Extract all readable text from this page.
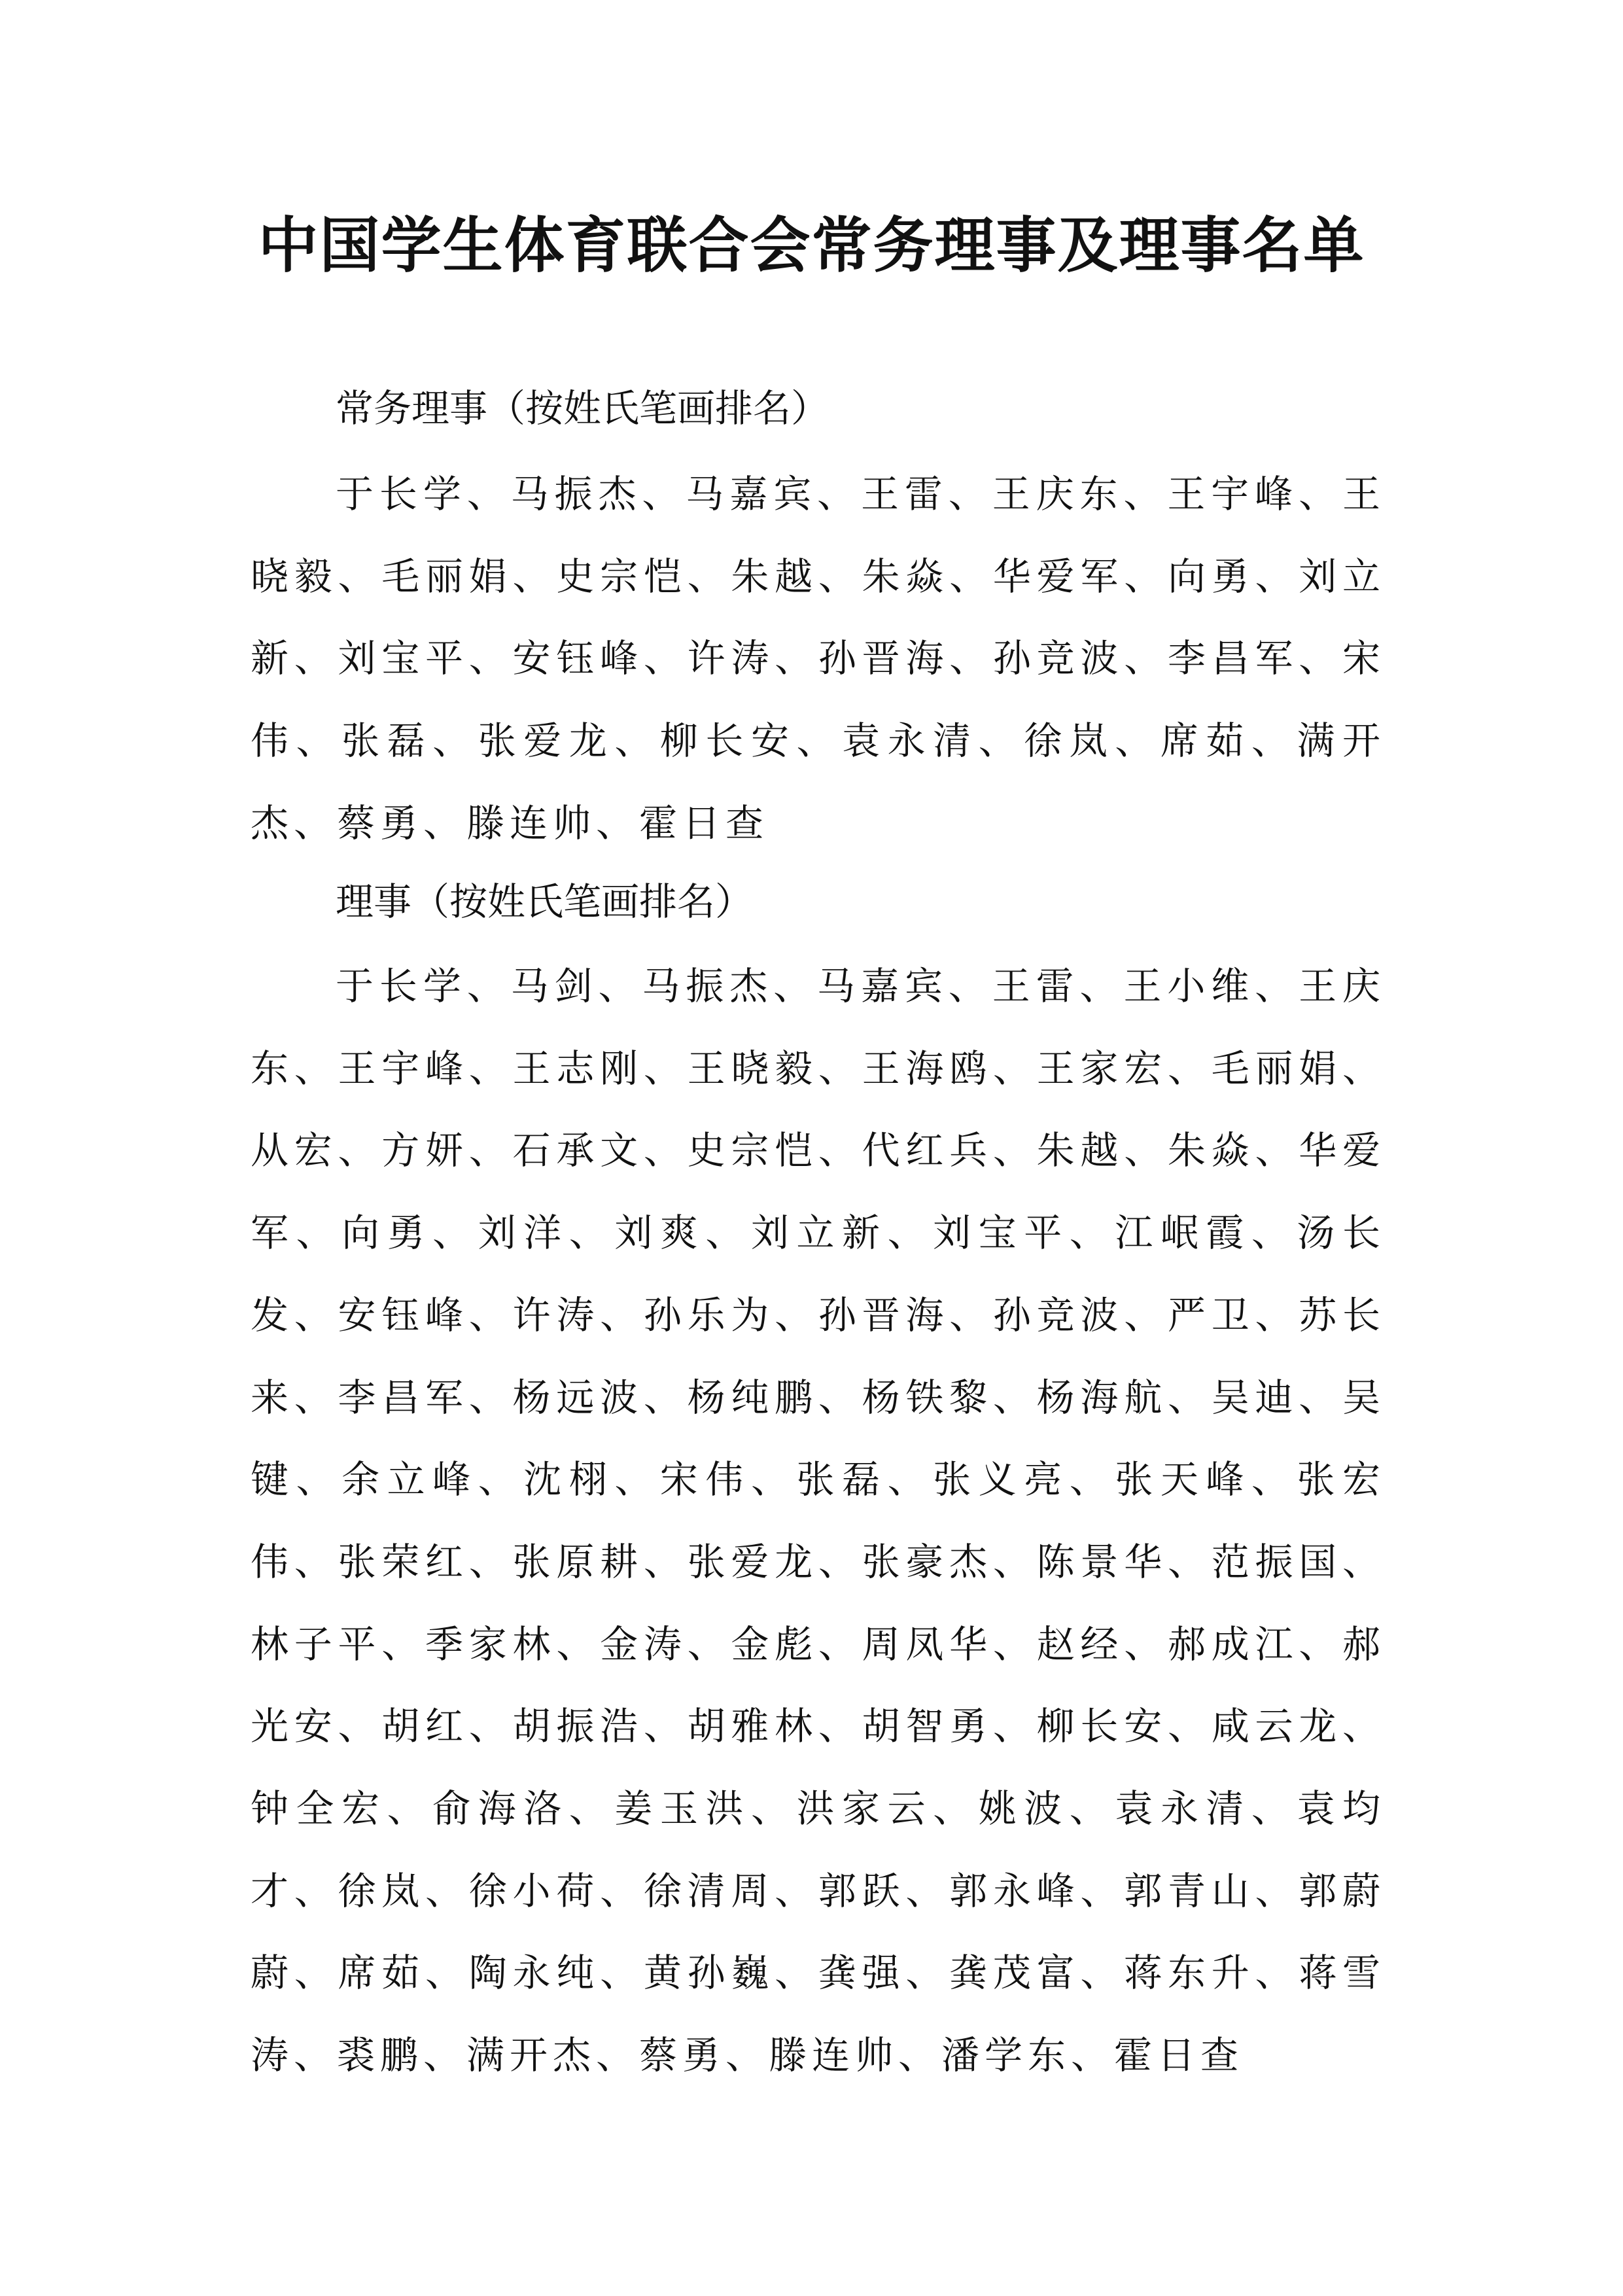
中国学生体育联合会常务理事及理事名单

常务理事（按姓氏笔画排名）

于长学、马振杰、马嘉宾、王雷、王庆东、王宇峰、王晓毅、毛丽娟、史宗恺、朱越、朱焱、华爱军、向勇、刘立新、刘宝平、安钰峰、许涛、孙晋海、孙竞波、李昌军、宋伟、张磊、张爱龙、柳长安、袁永清、徐岚、席茹、满开杰、蔡勇、滕连帅、霍日查

理事（按姓氏笔画排名）

于长学、马剑、马振杰、马嘉宾、王雷、王小维、王庆东、王宇峰、王志刚、王晓毅、王海鸥、王家宏、毛丽娟、从宏、方妍、石承文、史宗恺、代红兵、朱越、朱焱、华爱军、向勇、刘洋、刘爽、刘立新、刘宝平、江岷霞、汤长发、安钰峰、许涛、孙乐为、孙晋海、孙竞波、严卫、苏长来、李昌军、杨远波、杨纯鹏、杨铁黎、杨海航、吴迪、吴键、余立峰、沈栩、宋伟、张磊、张义亮、张天峰、张宏伟、张荣红、张原耕、张爱龙、张豪杰、陈景华、范振国、林子平、季家林、金涛、金彪、周凤华、赵经、郝成江、郝光安、胡红、胡振浩、胡雅林、胡智勇、柳长安、咸云龙、钟全宏、俞海洛、姜玉洪、洪家云、姚波、袁永清、袁均才、徐岚、徐小荷、徐清周、郭跃、郭永峰、郭青山、郭蔚蔚、席茹、陶永纯、黄孙巍、龚强、龚茂富、蒋东升、蒋雪涛、裘鹏、满开杰、蔡勇、滕连帅、潘学东、霍日查
